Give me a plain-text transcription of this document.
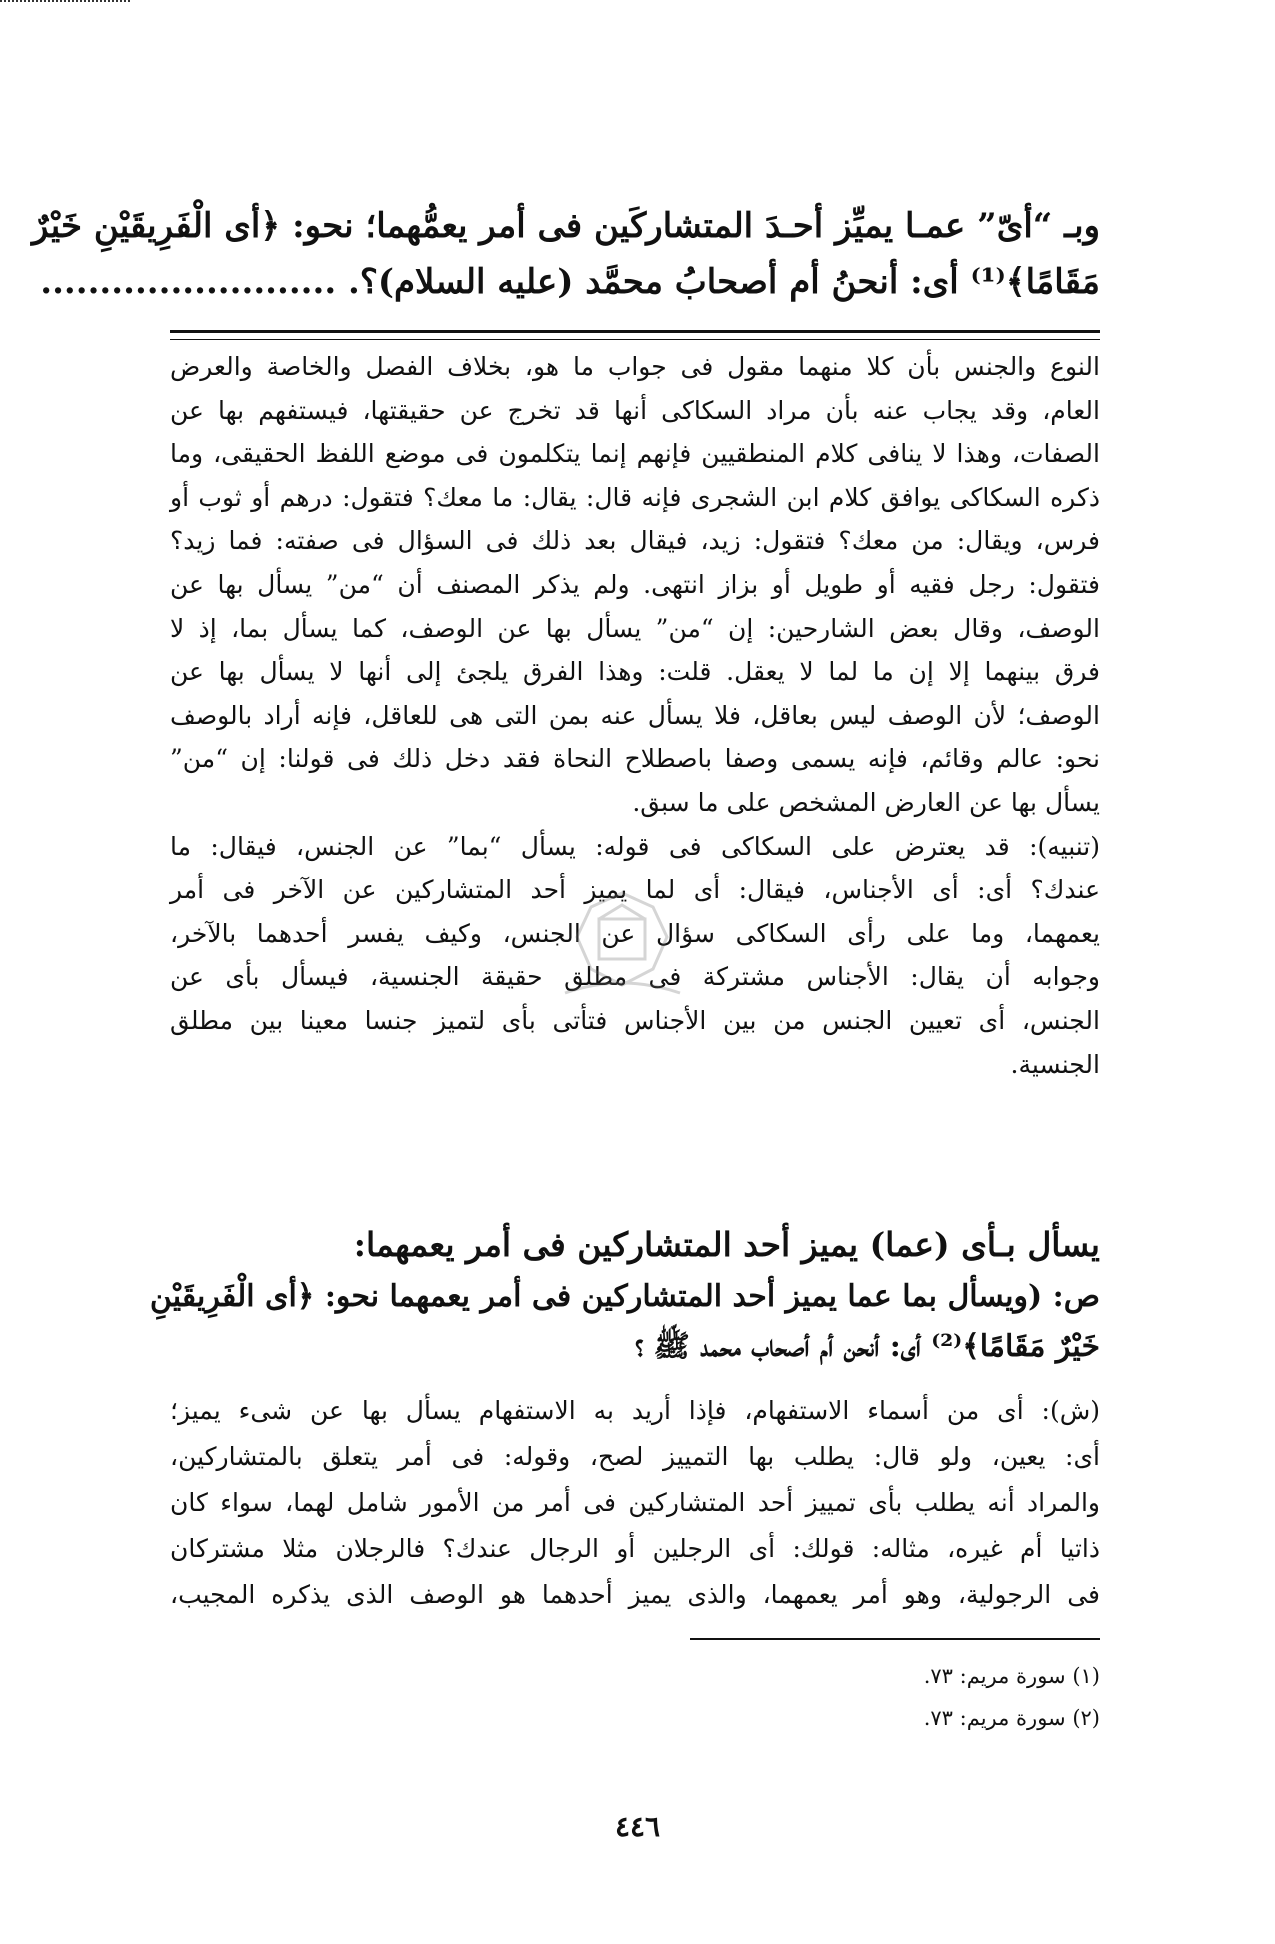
وبـ “أىّ” عمـا يميِّز أحـدَ المتشاركَين فى أمر يعمُّهما؛ نحو: ﴿أى الْفَرِيقَيْنِ خَيْرٌ
مَقَامًا﴾⁽¹⁾ أى: أنحنُ أم أصحابُ محمَّد (عليه السلام)؟. .........................
النوع والجنس بأن كلا منهما مقول فى جواب ما هو، بخلاف الفصل والخاصة والعرض
العام، وقد يجاب عنه بأن مراد السكاكى أنها قد تخرج عن حقيقتها، فيستفهم بها عن
الصفات، وهذا لا ينافى كلام المنطقيين فإنهم إنما يتكلمون فى موضع اللفظ الحقيقى، وما
ذكره السكاكى يوافق كلام ابن الشجرى فإنه قال: يقال: ما معك؟ فتقول: درهم أو ثوب أو
فرس، ويقال: من معك؟ فتقول: زيد، فيقال بعد ذلك فى السؤال فى صفته: فما زيد؟
فتقول: رجل فقيه أو طويل أو بزاز انتهى. ولم يذكر المصنف أن “من” يسأل بها عن
الوصف، وقال بعض الشارحين: إن “من” يسأل بها عن الوصف، كما يسأل بما، إذ لا
فرق بينهما إلا إن ما لما لا يعقل. قلت: وهذا الفرق يلجئ إلى أنها لا يسأل بها عن
الوصف؛ لأن الوصف ليس بعاقل، فلا يسأل عنه بمن التى هى للعاقل، فإنه أراد بالوصف
نحو: عالم وقائم، فإنه يسمى وصفا باصطلاح النحاة فقد دخل ذلك فى قولنا: إن “من”
يسأل بها عن العارض المشخص على ما سبق.
(تنبيه): قد يعترض على السكاكى فى قوله: يسأل “بما” عن الجنس، فيقال: ما
عندك؟ أى: أى الأجناس، فيقال: أى لما يميز أحد المتشاركين عن الآخر فى أمر
يعمهما، وما على رأى السكاكى سؤال عن الجنس، وكيف يفسر أحدهما بالآخر،
وجوابه أن يقال: الأجناس مشتركة فى مطلق حقيقة الجنسية، فيسأل بأى عن
الجنس، أى تعيين الجنس من بين الأجناس فتأتى بأى لتميز جنسا معينا بين مطلق
الجنسية.
يسأل بـأى (عما) يميز أحد المتشاركين فى أمر يعمهما:
ص: (ويسأل بما عما يميز أحد المتشاركين فى أمر يعمهما نحو: ﴿أى الْفَرِيقَيْنِ
خَيْرٌ مَقَامًا﴾⁽²⁾ أى: أنحن أم أصحاب محمد ﷺ ؟
(ش): أى من أسماء الاستفهام، فإذا أريد به الاستفهام يسأل بها عن شىء يميز؛
أى: يعين، ولو قال: يطلب بها التمييز لصح، وقوله: فى أمر يتعلق بالمتشاركين،
والمراد أنه يطلب بأى تمييز أحد المتشاركين فى أمر من الأمور شامل لهما، سواء كان
ذاتيا أم غيره، مثاله: قولك: أى الرجلين أو الرجال عندك؟ فالرجلان مثلا مشتركان
فى الرجولية، وهو أمر يعمهما، والذى يميز أحدهما هو الوصف الذى يذكره المجيب،
(١) سورة مريم: ٧٣.
(٢) سورة مريم: ٧٣.
٤٤٦
